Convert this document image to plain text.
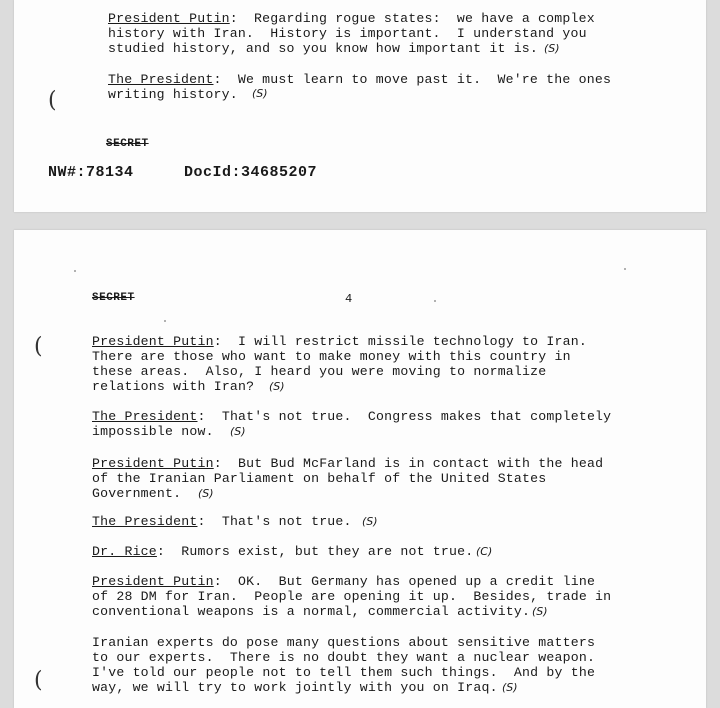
President Putin:  Regarding rogue states:  we have a complex
history with Iran.  History is important.  I understand you
studied history, and so you know how important it is. (S)
The President:  We must learn to move past it.  We're the ones
writing history. (S)
(
SECRET
NW#:78134	DocId:34685207
SECRET	4
(
(
President Putin:  I will restrict missile technology to Iran.
There are those who want to make money with this country in
these areas.  Also, I heard you were moving to normalize
relations with Iran? (S)
The President:  That's not true.  Congress makes that completely
impossible now. (S)
President Putin:  But Bud McFarland is in contact with the head
of the Iranian Parliament on behalf of the United States
Government. (S)
The President:  That's not true. (S)
Dr. Rice:  Rumors exist, but they are not true. (C)
President Putin:  OK.  But Germany has opened up a credit line
of 28 DM for Iran.  People are opening it up.  Besides, trade in
conventional weapons is a normal, commercial activity. (S)
Iranian experts do pose many questions about sensitive matters
to our experts.  There is no doubt they want a nuclear weapon.
I've told our people not to tell them such things.  And by the
way, we will try to work jointly with you on Iraq. (S)
